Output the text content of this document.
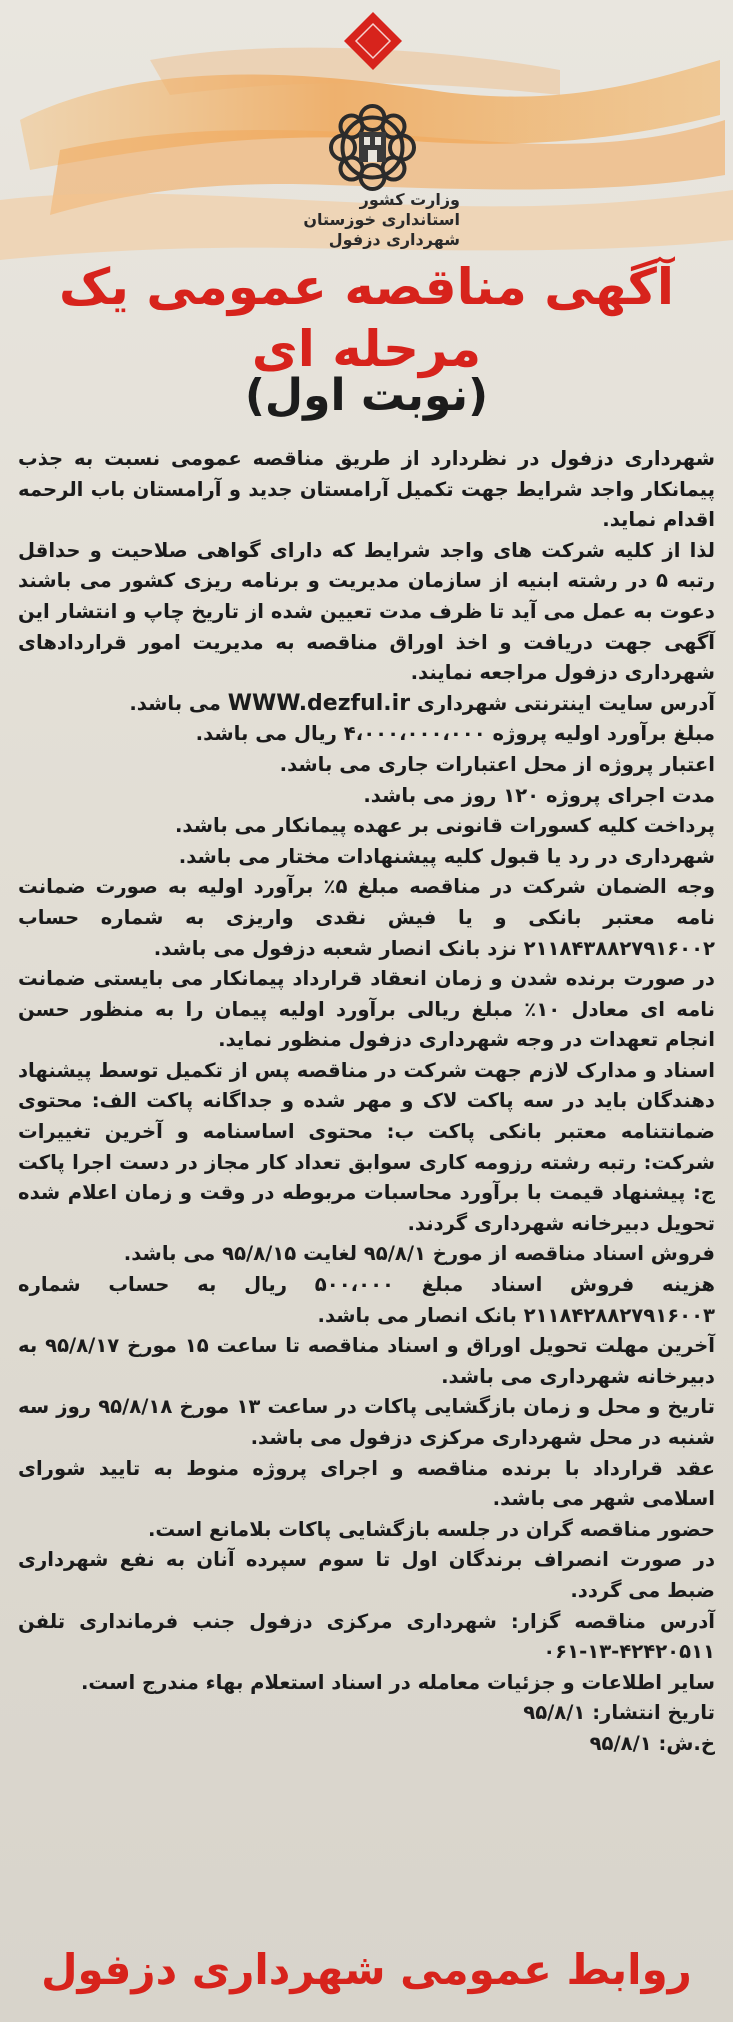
وزارت کشور
استانداری خوزستان
شهرداری دزفول
آگهی مناقصه عمومی یک مرحله ای
(نوبت اول)

شهرداری دزفول در نظردارد از طریق مناقصه عمومی نسبت به جذب پیمانکار واجد شرایط جهت تکمیل آرامستان جدید و آرامستان باب الرحمه اقدام نماید.

لذا از کلیه شرکت های واجد شرایط که دارای گواهی صلاحیت و حداقل رتبه ۵ در رشته ابنیه از سازمان مدیریت و برنامه ریزی کشور می باشند دعوت به عمل می آید تا ظرف مدت تعیین شده از تاریخ چاپ و انتشار این آگهی جهت دریافت و اخذ اوراق مناقصه به مدیریت امور قراردادهای شهرداری دزفول مراجعه نمایند.

آدرس سایت اینترنتی شهرداری WWW.dezful.ir می باشد.

مبلغ برآورد اولیه پروژه ۴،۰۰۰،۰۰۰،۰۰۰ ریال می باشد.

اعتبار پروژه از محل اعتبارات جاری می باشد.

مدت اجرای پروژه ۱۲۰ روز می باشد.

پرداخت کلیه کسورات قانونی بر عهده پیمانکار می باشد.

شهرداری در رد یا قبول کلیه پیشنهادات مختار می باشد.

وجه الضمان شرکت در مناقصه مبلغ ۵٪ برآورد اولیه به صورت ضمانت نامه معتبر بانکی و یا فیش نقدی واریزی به شماره حساب ۲۱۱۸۴۳۸۸۲۷۹۱۶۰۰۲ نزد بانک انصار شعبه دزفول می باشد.

در صورت برنده شدن و زمان انعقاد قرارداد پیمانکار می بایستی ضمانت نامه ای معادل ۱۰٪ مبلغ ریالی برآورد اولیه پیمان را به منظور حسن انجام تعهدات در وجه شهرداری دزفول منظور نماید.

اسناد و مدارک لازم جهت شرکت در مناقصه پس از تکمیل توسط پیشنهاد دهندگان باید در سه پاکت لاک و مهر شده و جداگانه پاکت الف: محتوی ضمانتنامه معتبر بانکی پاکت ب: محتوی اساسنامه و آخرین تغییرات شرکت: رتبه رشته رزومه کاری سوابق تعداد کار مجاز در دست اجرا پاکت ج: پیشنهاد قیمت با برآورد محاسبات مربوطه در وقت و زمان اعلام شده تحویل دبیرخانه شهرداری گردند.

فروش اسناد مناقصه از مورخ ۹۵/۸/۱ لغایت ۹۵/۸/۱۵ می باشد.

هزینه فروش اسناد مبلغ ۵۰۰،۰۰۰ ریال به حساب شماره ۲۱۱۸۴۲۸۸۲۷۹۱۶۰۰۳ بانک انصار می باشد.

آخرین مهلت تحویل اوراق و اسناد مناقصه تا ساعت ۱۵ مورخ ۹۵/۸/۱۷ به دبیرخانه شهرداری می باشد.

تاریخ و محل و زمان بازگشایی پاکات در ساعت ۱۳ مورخ ۹۵/۸/۱۸ روز سه شنبه در محل شهرداری مرکزی دزفول می باشد.

عقد قرارداد با برنده مناقصه و اجرای پروژه منوط به تایید شورای اسلامی شهر می باشد.

حضور مناقصه گران در جلسه بازگشایی پاکات بلامانع است.

در صورت انصراف برندگان اول تا سوم سپرده آنان به نفع شهرداری ضبط می گردد.

آدرس مناقصه گزار: شهرداری مرکزی دزفول جنب فرمانداری تلفن ۴۲۴۲۰۵۱۱-۱۳-۰۶۱

سایر اطلاعات و جزئیات معامله در اسناد استعلام بهاء مندرج است.

تاریخ انتشار: ۹۵/۸/۱

خ.ش: ۹۵/۸/۱

روابط عمومی شهرداری دزفول
